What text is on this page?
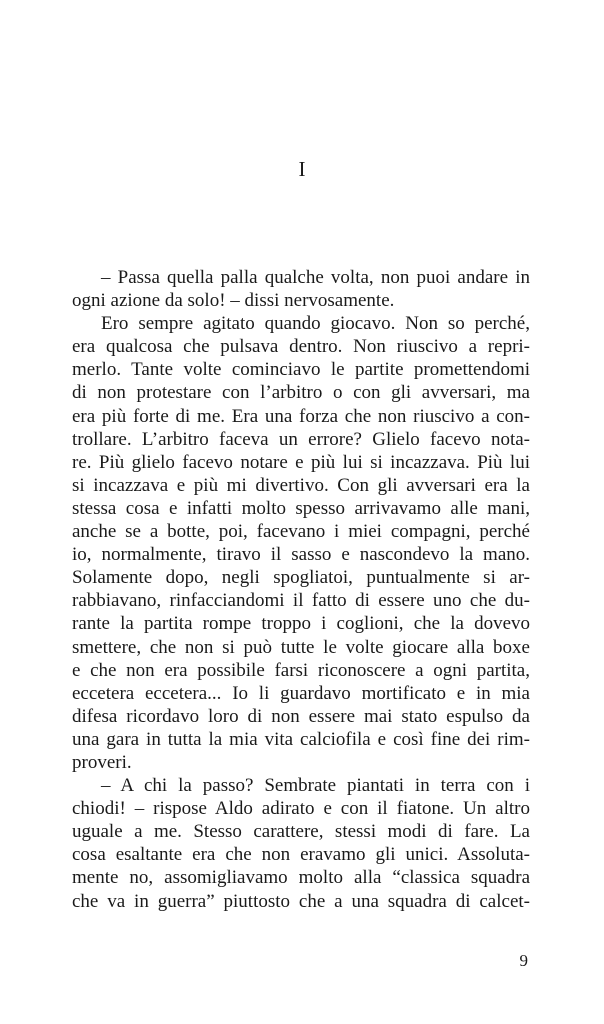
I
– Passa quella palla qualche volta, non puoi andare in
ogni azione da solo! – dissi nervosamente.
Ero sempre agitato quando giocavo. Non so perché,
era qualcosa che pulsava dentro. Non riuscivo a repri-
merlo. Tante volte cominciavo le partite promettendomi
di non protestare con l’arbitro o con gli avversari, ma
era più forte di me. Era una forza che non riuscivo a con-
trollare. L’arbitro faceva un errore? Glielo facevo nota-
re. Più glielo facevo notare e più lui si incazzava. Più lui
si incazzava e più mi divertivo. Con gli avversari era la
stessa cosa e infatti molto spesso arrivavamo alle mani,
anche se a botte, poi, facevano i miei compagni, perché
io, normalmente, tiravo il sasso e nascondevo la mano.
Solamente dopo, negli spogliatoi, puntualmente si ar-
rabbiavano, rinfacciandomi il fatto di essere uno che du-
rante la partita rompe troppo i coglioni, che la dovevo
smettere, che non si può tutte le volte giocare alla boxe
e che non era possibile farsi riconoscere a ogni partita,
eccetera eccetera... Io li guardavo mortificato e in mia
difesa ricordavo loro di non essere mai stato espulso da
una gara in tutta la mia vita calciofila e così fine dei rim-
proveri.
– A chi la passo? Sembrate piantati in terra con i
chiodi! – rispose Aldo adirato e con il fiatone. Un altro
uguale a me. Stesso carattere, stessi modi di fare. La
cosa esaltante era che non eravamo gli unici. Assoluta-
mente no, assomigliavamo molto alla “classica squadra
che va in guerra” piuttosto che a una squadra di calcet-
9
